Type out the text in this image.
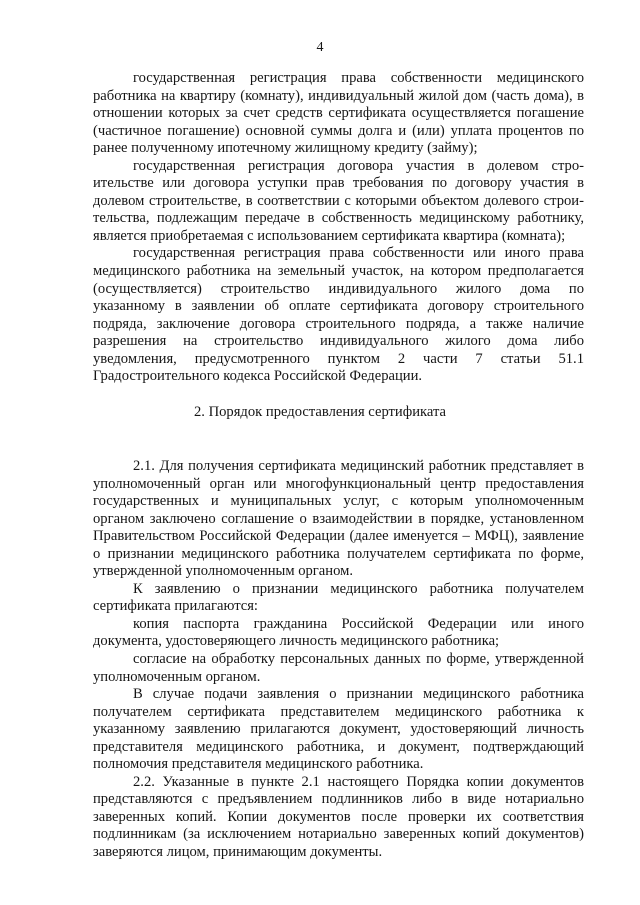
4

государственная регистрация права собственности медицинского работника на квартиру (комнату), индивидуальный жилой дом (часть дома), в отношении которых за счет средств сертификата осуществляется погашение (частичное погашение) основной суммы долга и (или) уплата процентов по ранее полученному ипотечному жилищному кредиту (займу);

государственная регистрация договора участия в долевом строительстве или договора уступки прав требования по договору участия в долевом строительстве, в соответствии с которыми объектом долевого строительства, подлежащим передаче в собственность медицинскому работнику, является приобретаемая с использованием сертификата квартира (комната);

государственная регистрация права собственности или иного права медицинского работника на земельный участок, на котором предполагается (осуществляется) строительство индивидуального жилого дома по указанному в заявлении об оплате сертификата договору строительного подряда, заключение договора строительного подряда, а также наличие разрешения на строительство индивидуального жилого дома либо уведомления, предусмотренного пунктом 2 части 7 статьи 51.1 Градостроительного кодекса Российской Федерации.

2. Порядок предоставления сертификата

2.1. Для получения сертификата медицинский работник представляет в уполномоченный орган или многофункциональный центр предоставления государственных и муниципальных услуг, с которым уполномоченным органом заключено соглашение о взаимодействии в порядке, установленном Правительством Российской Федерации (далее именуется – МФЦ), заявление о признании медицинского работника получателем сертификата по форме, утвержденной уполномоченным органом.

К заявлению о признании медицинского работника получателем сертификата прилагаются:

копия паспорта гражданина Российской Федерации или иного документа, удостоверяющего личность медицинского работника;

согласие на обработку персональных данных по форме, утвержденной уполномоченным органом.

В случае подачи заявления о признании медицинского работника получателем сертификата представителем медицинского работника к указанному заявлению прилагаются документ, удостоверяющий личность представителя медицинского работника, и документ, подтверждающий полномочия представителя медицинского работника.

2.2. Указанные в пункте 2.1 настоящего Порядка копии документов представляются с предъявлением подлинников либо в виде нотариально заверенных копий. Копии документов после проверки их соответствия подлинникам (за исключением нотариально заверенных копий документов) заверяются лицом, принимающим документы.
